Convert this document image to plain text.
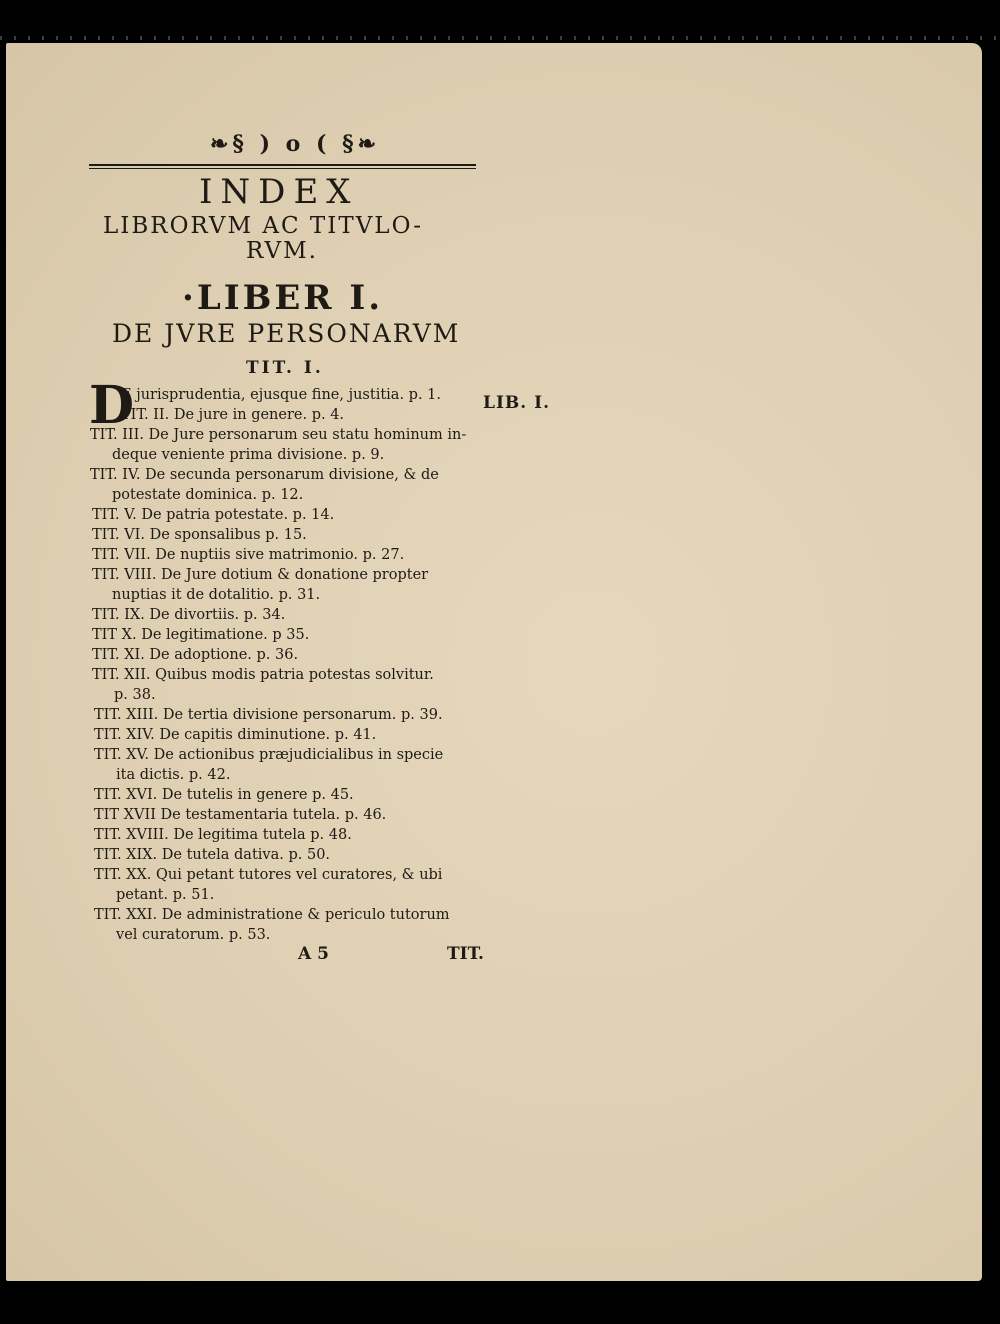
❧§ ) o ( §❧
INDEX
LIBRORVM AC TITVLO-
RVM.
·LIBER I.
DE JVRE PERSONARVM
TIT. I.
LIB. I.
D
E jurisprudentia, ejusque fine, justitia. p. 1.
TIT. II. De jure in genere. p. 4.
TIT. III. De Jure personarum seu statu hominum in-
deque veniente prima divisione. p. 9.
TIT. IV. De secunda personarum divisione, & de
potestate dominica. p. 12.
TIT. V. De patria potestate. p. 14.
TIT. VI. De sponsalibus p. 15.
TIT. VII. De nuptiis sive matrimonio. p. 27.
TIT. VIII. De Jure dotium & donatione propter
nuptias it de dotalitio. p. 31.
TIT. IX. De divortiis. p. 34.
TIT X. De legitimatione. p 35.
TIT. XI. De adoptione. p. 36.
TIT. XII. Quibus modis patria potestas solvitur.
p. 38.
TIT. XIII. De tertia divisione personarum. p. 39.
TIT. XIV. De capitis diminutione. p. 41.
TIT. XV. De actionibus præjudicialibus in specie
ita dictis. p. 42.
TIT. XVI. De tutelis in genere p. 45.
TIT XVII De testamentaria tutela. p. 46.
TIT. XVIII. De legitima tutela p. 48.
TIT. XIX. De tutela dativa. p. 50.
TIT. XX. Qui petant tutores vel curatores, & ubi
petant. p. 51.
TIT. XXI. De administratione & periculo tutorum
vel curatorum. p. 53.
A 5	TIT.
